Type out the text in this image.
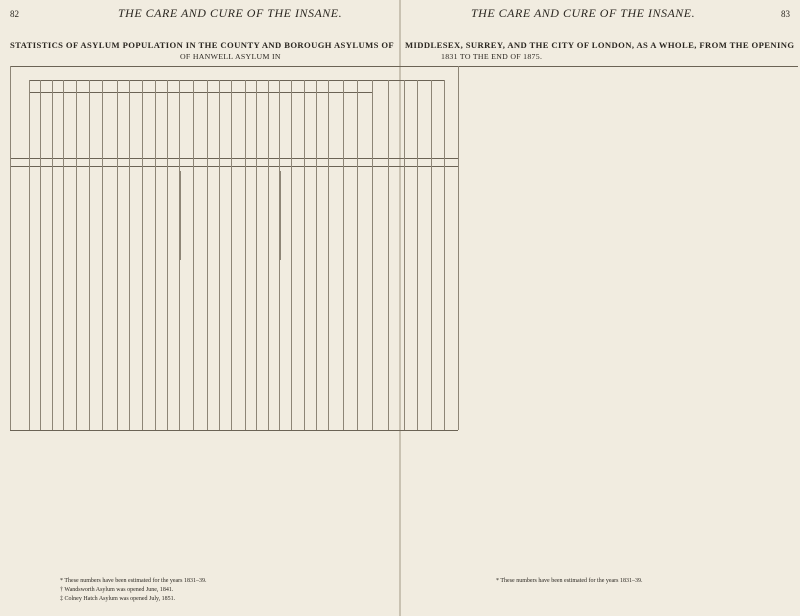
82	THE CARE AND CURE OF THE INSANE.
STATISTICS OF ASYLUM POPULATION IN THE COUNTY AND BOROUGH ASYLUMS OF
OF HANWELL ASYLUM IN
* These numbers have been estimated for the years 1831–39.
† Wandsworth Asylum was opened June, 1841.
‡ Colney Hatch Asylum was opened July, 1851.
83
THE CARE AND CURE OF THE INSANE.
MIDDLESEX, SURREY, AND THE CITY OF LONDON, AS A WHOLE, FROM THE OPENING
1831 TO THE END OF 1875.
* These numbers have been estimated for the years 1831–39.
